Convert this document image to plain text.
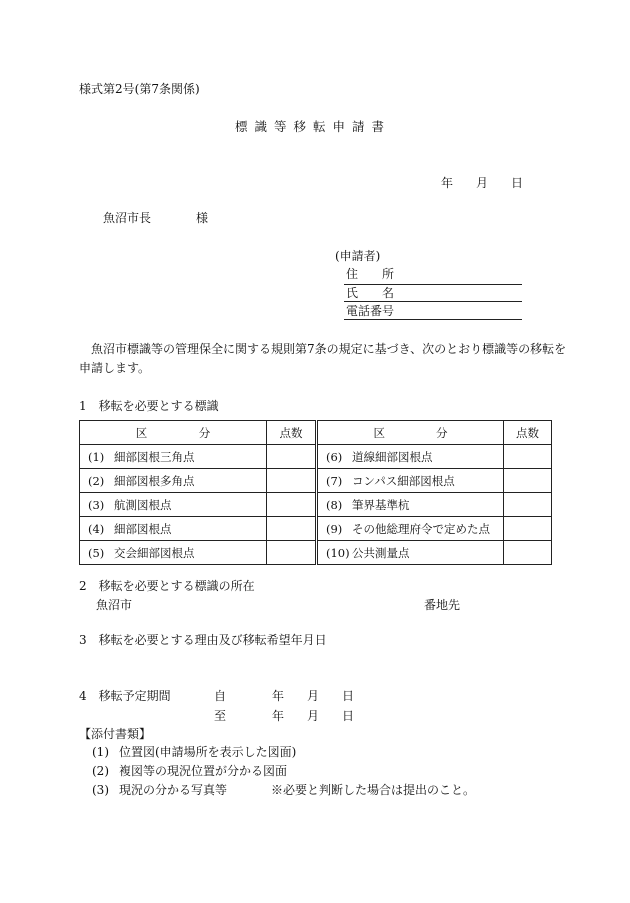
様式第2号(第7条関係)
標識等移転申請書
年 月 日
魚沼市長	様
(申請者)
住　　所
氏　　名
電話番号
魚沼市標識等の管理保全に関する規則第7条の規定に基づき、次のとおり標識等の移転を
申請します。
1　移転を必要とする標識
区 分	点数
(1) 細部図根三角点	
(2) 細部図根多角点	
(3) 航測図根点	
(4) 細部図根点	
(5) 交会細部図根点	
区 分	点数
(6) 道線細部図根点	
(7) コンパス細部図根点	
(8) 筆界基準杭	
(9) その他総理府令で定めた点	
(10) 公共測量点	
2　移転を必要とする標識の所在
魚沼市	番地先
3　移転を必要とする理由及び移転希望年月日
4　移転予定期間	自	年 月 日
至	年 月 日
【添付書類】
(1) 位置図(申請場所を表示した図面)
(2) 複図等の現況位置が分かる図面
(3) 現況の分かる写真等	※必要と判断した場合は提出のこと。
